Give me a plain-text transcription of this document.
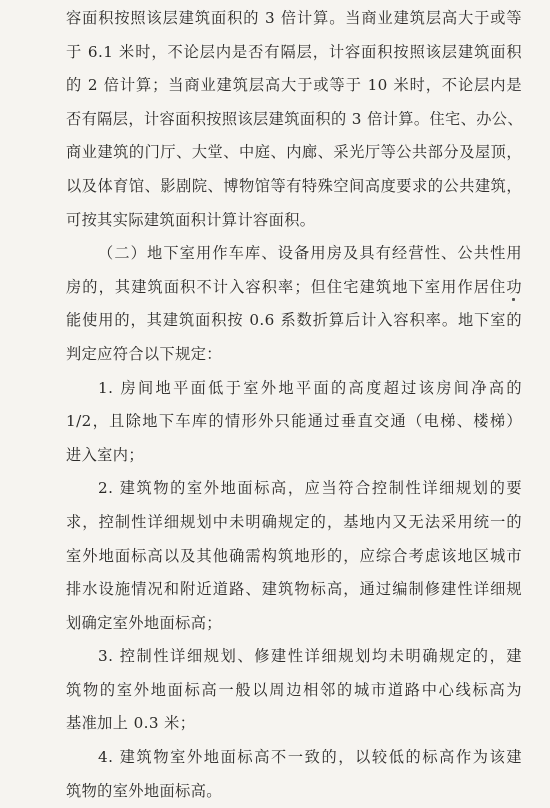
容面积按照该层建筑面积的 3 倍计算。当商业建筑层高大于或等
于 6.1 米时，不论层内是否有隔层，计容面积按照该层建筑面积
的 2 倍计算；当商业建筑层高大于或等于 10 米时，不论层内是
否有隔层，计容面积按照该层建筑面积的 3 倍计算。住宅、办公、
商业建筑的门厅、大堂、中庭、内廊、采光厅等公共部分及屋顶，
以及体育馆、影剧院、博物馆等有特殊空间高度要求的公共建筑，
可按其实际建筑面积计算计容面积。
（二）地下室用作车库、设备用房及具有经营性、公共性用
房的，其建筑面积不计入容积率；但住宅建筑地下室用作居住功
能使用的，其建筑面积按 0.6 系数折算后计入容积率。地下室的
判定应符合以下规定：
1. 房间地平面低于室外地平面的高度超过该房间净高的
1/2，且除地下车库的情形外只能通过垂直交通（电梯、楼梯）
进入室内；
2. 建筑物的室外地面标高，应当符合控制性详细规划的要
求，控制性详细规划中未明确规定的，基地内又无法采用统一的
室外地面标高以及其他确需构筑地形的，应综合考虑该地区城市
排水设施情况和附近道路、建筑物标高，通过编制修建性详细规
划确定室外地面标高；
3. 控制性详细规划、修建性详细规划均未明确规定的，建
筑物的室外地面标高一般以周边相邻的城市道路中心线标高为
基准加上 0.3 米；
4. 建筑物室外地面标高不一致的，以较低的标高作为该建
筑物的室外地面标高。
